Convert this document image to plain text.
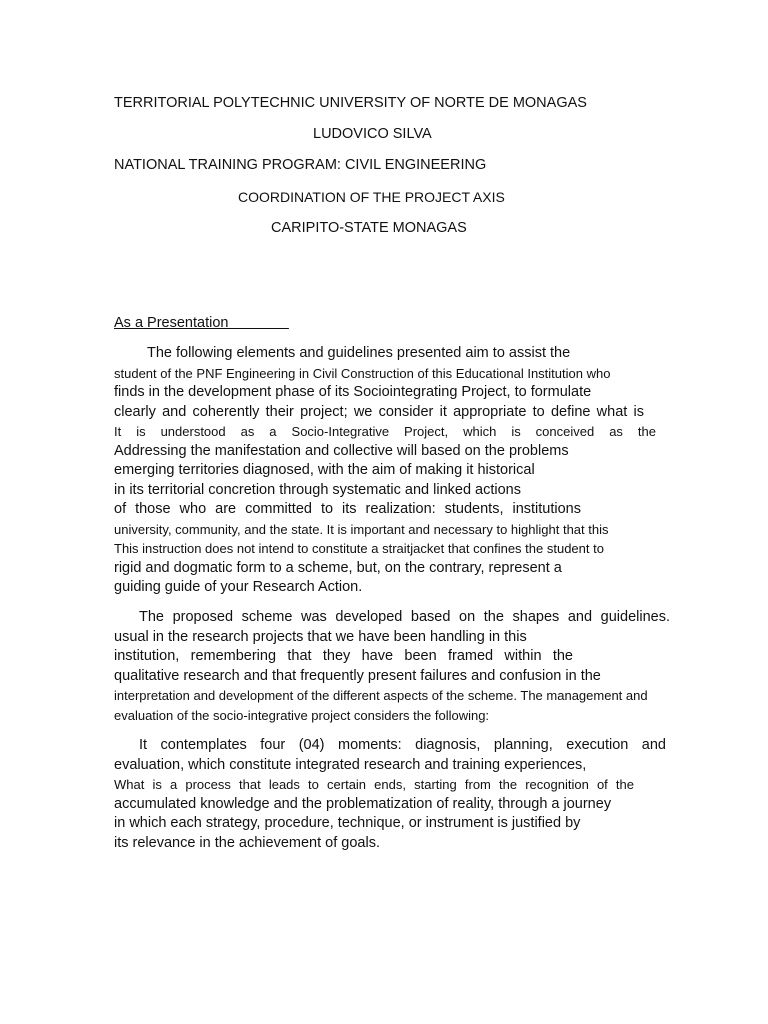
TERRITORIAL POLYTECHNIC UNIVERSITY OF NORTE DE MONAGAS
LUDOVICO SILVA
NATIONAL TRAINING PROGRAM: CIVIL ENGINEERING
COORDINATION OF THE PROJECT AXIS
CARIPITO-STATE MONAGAS
As a Presentation
The following elements and guidelines presented aim to assist the
student of the PNF Engineering in Civil Construction of this Educational Institution who
finds in the development phase of its Sociointegrating Project, to formulate
clearly and coherently their project; we consider it appropriate to define what is
It is understood as a Socio-Integrative Project, which is conceived as the
Addressing the manifestation and collective will based on the problems
emerging territories diagnosed, with the aim of making it historical
in its territorial concretion through systematic and linked actions
of those who are committed to its realization: students, institutions
university, community, and the state. It is important and necessary to highlight that this
This instruction does not intend to constitute a straitjacket that confines the student to
rigid and dogmatic form to a scheme, but, on the contrary, represent a
guiding guide of your Research Action.
The proposed scheme was developed based on the shapes and guidelines.
usual in the research projects that we have been handling in this
institution, remembering that they have been framed within the
qualitative research and that frequently present failures and confusion in the
interpretation and development of the different aspects of the scheme. The management and
evaluation of the socio-integrative project considers the following:
It contemplates four (04) moments: diagnosis, planning, execution and
evaluation, which constitute integrated research and training experiences,
What is a process that leads to certain ends, starting from the recognition of the
accumulated knowledge and the problematization of reality, through a journey
in which each strategy, procedure, technique, or instrument is justified by
its relevance in the achievement of goals.
